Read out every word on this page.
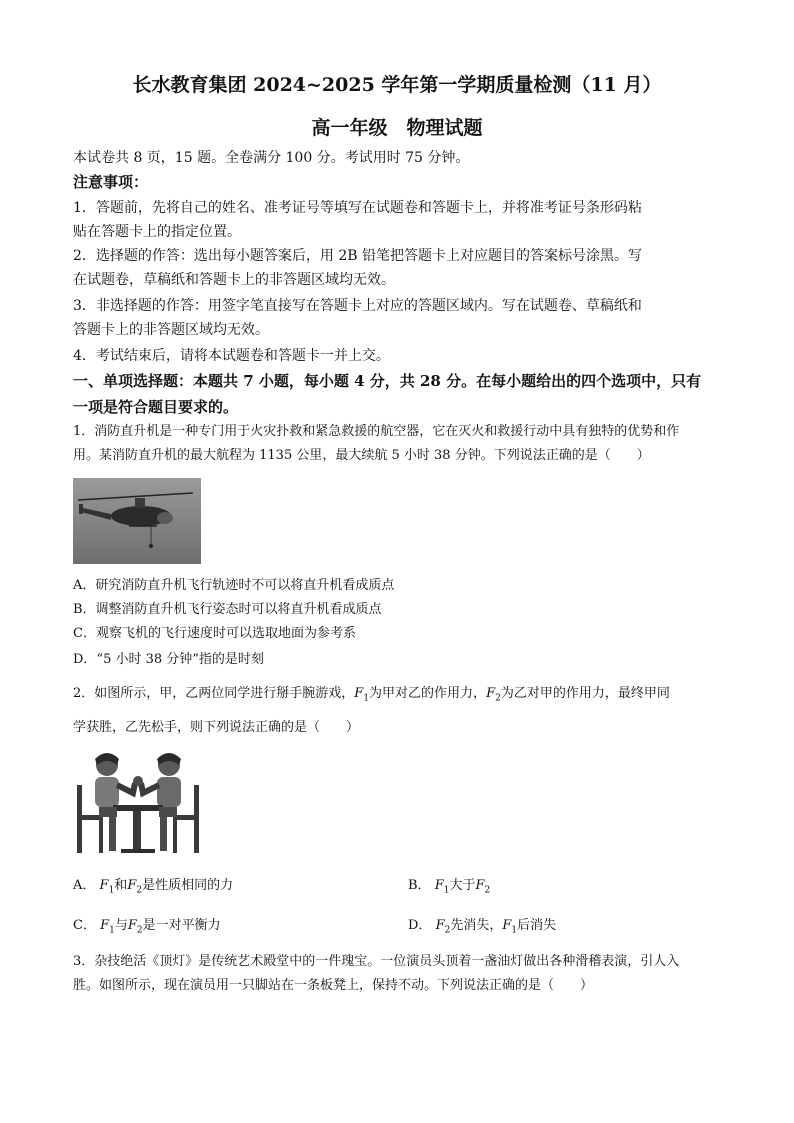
长水教育集团 2024~2025 学年第一学期质量检测（11 月）
高一年级　物理试题
本试卷共 8 页，15 题。全卷满分 100 分。考试用时 75 分钟。
注意事项：
1．答题前，先将自己的姓名、准考证号等填写在试题卷和答题卡上，并将准考证号条形码粘
贴在答题卡上的指定位置。
2．选择题的作答：选出每小题答案后，用 2B 铅笔把答题卡上对应题目的答案标号涂黑。写
在试题卷，草稿纸和答题卡上的非答题区域均无效。
3．非选择题的作答：用签字笔直接写在答题卡上对应的答题区域内。写在试题卷、草稿纸和
答题卡上的非答题区域均无效。
4．考试结束后，请将本试题卷和答题卡一并上交。
一、单项选择题：本题共 7 小题，每小题 4 分，共 28 分。在每小题给出的四个选项中，只有
一项是符合题目要求的。
1．消防直升机是一种专门用于火灾扑救和紧急救援的航空器，它在灭火和救援行动中具有独特的优势和作
用。某消防直升机的最大航程为 1135 公里，最大续航 5 小时 38 分钟。下列说法正确的是（　　）
A．研究消防直升机飞行轨迹时不可以将直升机看成质点
B．调整消防直升机飞行姿态时可以将直升机看成质点
C．观察飞机的飞行速度时可以选取地面为参考系
D．“5 小时 38 分钟”指的是时刻
2．如图所示，甲，乙两位同学进行掰手腕游戏，$F_1$为甲对乙的作用力，$F_2$为乙对甲的作用力，最终甲同
学获胜，乙先松手，则下列说法正确的是（　　）
A． $F_1$和$F_2$是性质相同的力	B． $F_1$大于$F_2$
C． $F_1$与$F_2$是一对平衡力	D． $F_2$先消失，$F_1$后消失
3．杂技绝活《顶灯》是传统艺术殿堂中的一件瑰宝。一位演员头顶着一盏油灯做出各种滑稽表演，引人入
胜。如图所示，现在演员用一只脚站在一条板凳上，保持不动。下列说法正确的是（　　）
